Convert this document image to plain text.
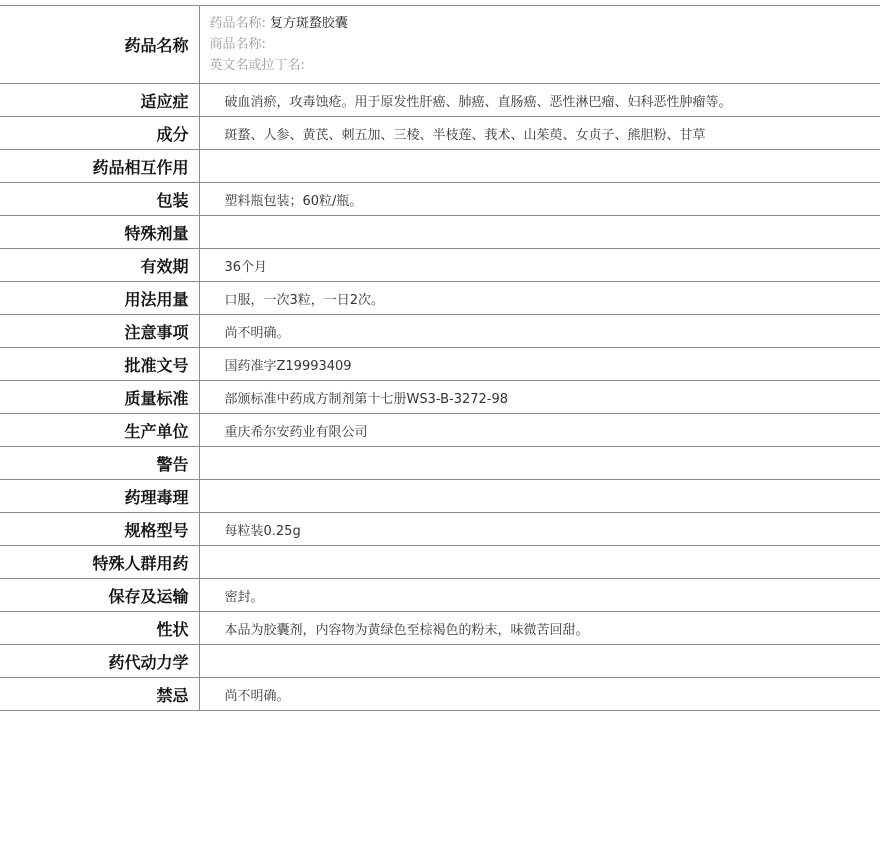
药品名称	药品名称: 复方斑蝥胶囊
商品名称:
英文名或拉丁名:

适应症	破血消瘀，攻毒蚀疮。用于原发性肝癌、肺癌、直肠癌、恶性淋巴瘤、妇科恶性肿瘤等。
成分	斑蝥、人参、黄芪、刺五加、三棱、半枝莲、莪术、山茱萸、女贞子、熊胆粉、甘草
药品相互作用	
包装	塑料瓶包装；60粒/瓶。
特殊剂量	
有效期	36个月
用法用量	口服，一次3粒，一日2次。
注意事项	尚不明确。
批准文号	国药准字Z19993409
质量标准	部颁标准中药成方制剂第十七册WS3-B-3272-98
生产单位	重庆希尔安药业有限公司
警告	
药理毒理	
规格型号	每粒装0.25g
特殊人群用药	
保存及运输	密封。
性状	本品为胶囊剂，内容物为黄绿色至棕褐色的粉末，味微苦回甜。
药代动力学	
禁忌	尚不明确。
